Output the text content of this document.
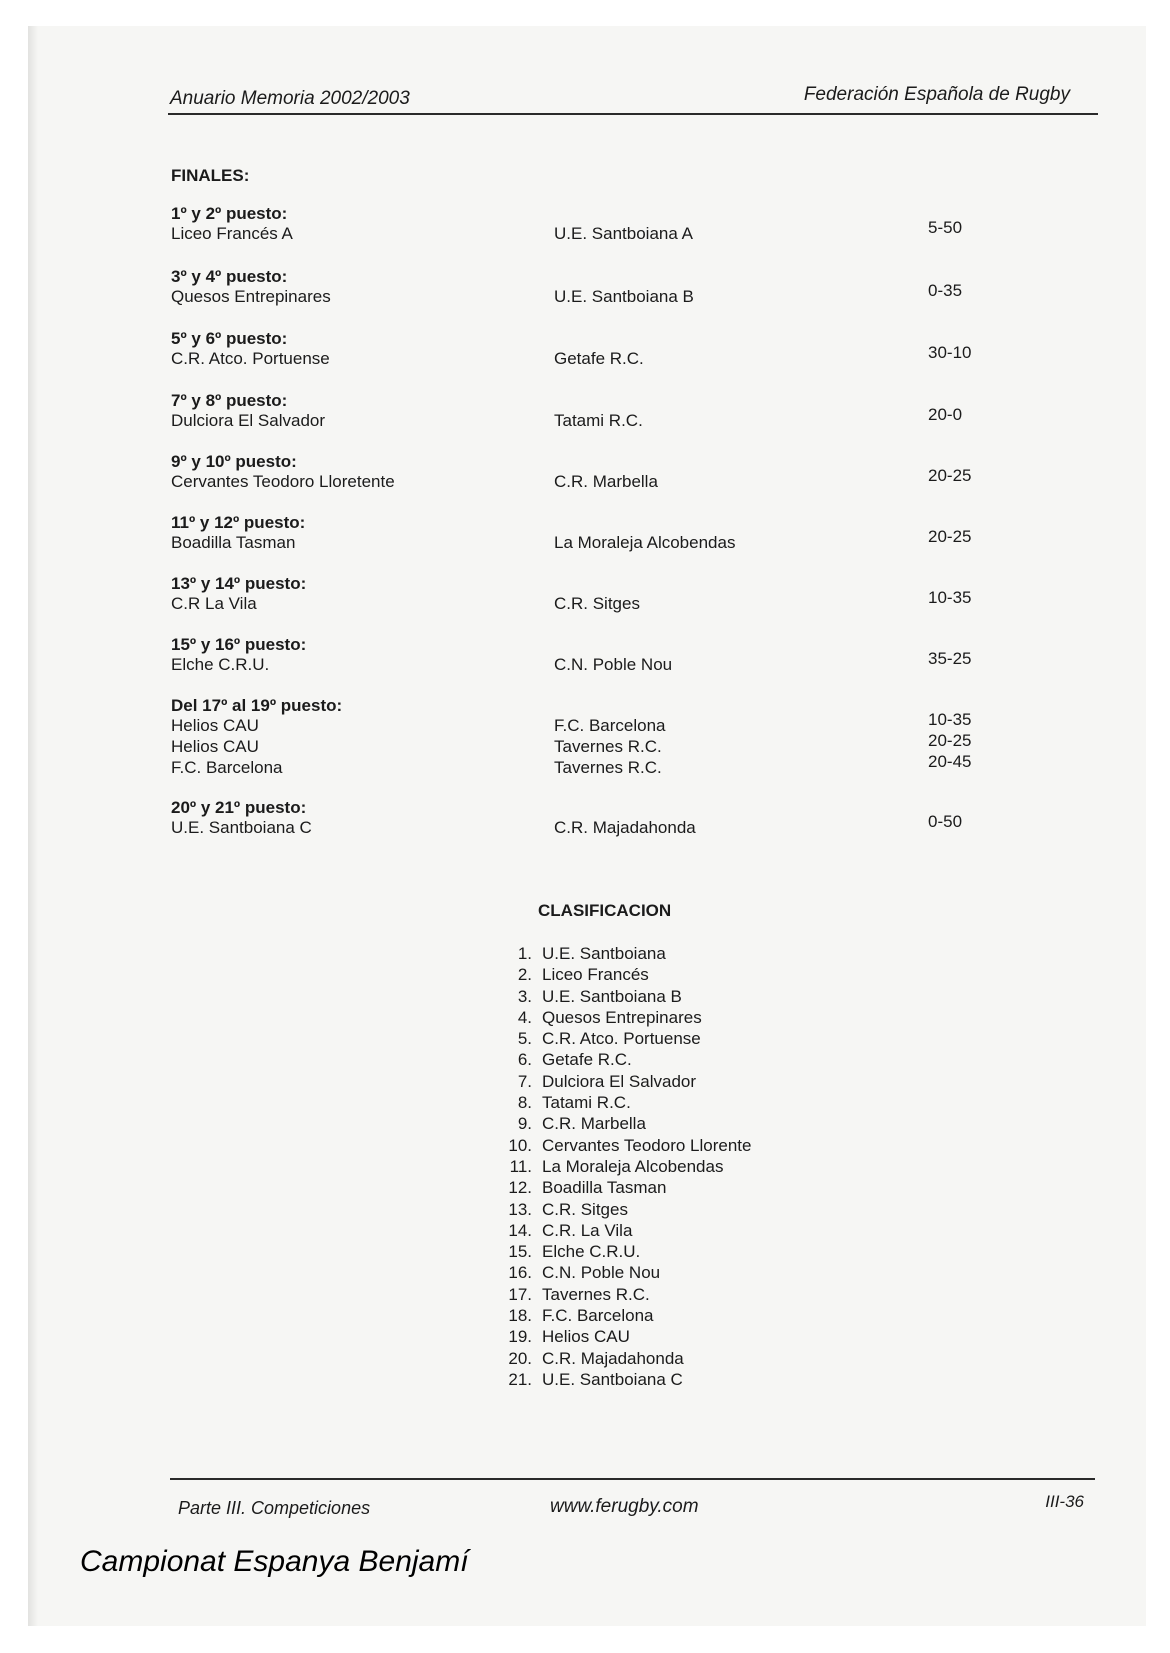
Anuario Memoria 2002/2003	Federación Española de Rugby
FINALES:
1º y 2º puesto:
Liceo Francés A	U.E. Santboiana A	5-50
3º y 4º puesto:
Quesos Entrepinares	U.E. Santboiana B	0-35
5º y 6º puesto:
C.R. Atco. Portuense	Getafe R.C.	30-10
7º y 8º puesto:
Dulciora El Salvador	Tatami R.C.	20-0
9º y 10º puesto:
Cervantes Teodoro Lloretente	C.R. Marbella	20-25
11º y 12º puesto:
Boadilla Tasman	La Moraleja Alcobendas	20-25
13º y 14º puesto:
C.R La Vila	C.R. Sitges	10-35
15º y 16º puesto:
Elche C.R.U.	C.N. Poble Nou	35-25
Del 17º al 19º puesto:
Helios CAU	F.C. Barcelona	10-35
Helios CAU	Tavernes R.C.	20-25
F.C. Barcelona	Tavernes R.C.	20-45
20º y 21º puesto:
U.E. Santboiana C	C.R. Majadahonda	0-50
CLASIFICACION
1. U.E. Santboiana
2. Liceo Francés
3. U.E. Santboiana B
4. Quesos Entrepinares
5. C.R. Atco. Portuense
6. Getafe R.C.
7. Dulciora El Salvador
8. Tatami R.C.
9. C.R. Marbella
10. Cervantes Teodoro Llorente
11. La Moraleja Alcobendas
12. Boadilla Tasman
13. C.R. Sitges
14. C.R. La Vila
15. Elche C.R.U.
16. C.N. Poble Nou
17. Tavernes R.C.
18. F.C. Barcelona
19. Helios CAU
20. C.R. Majadahonda
21. U.E. Santboiana C
Parte III. Competiciones	www.ferugby.com	III-36
Campionat Espanya Benjamí
